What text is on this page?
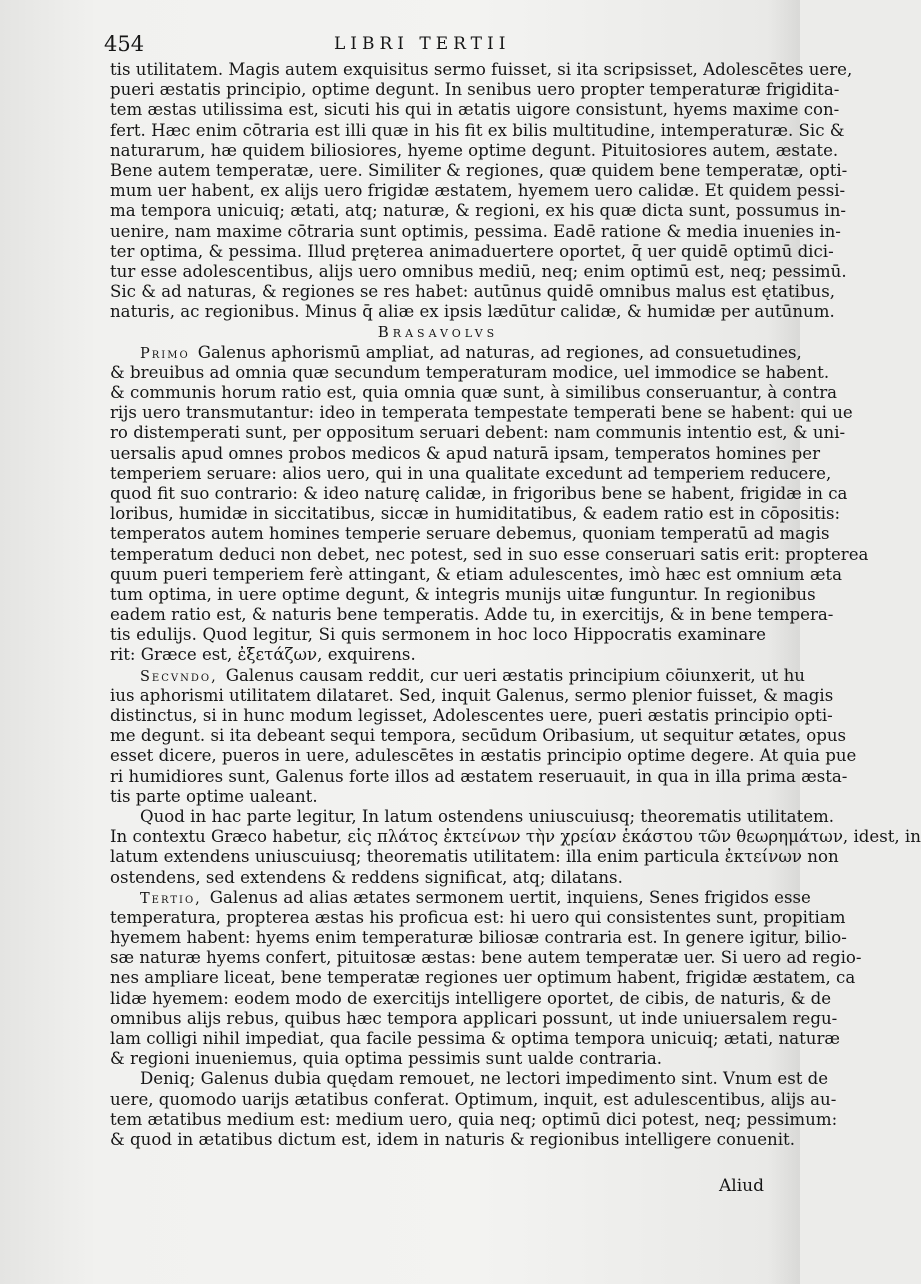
454	LIBRI TERTII
tis utilitatem. Magis autem exquisitus sermo fuisset, si ita scripsisset, Adolescētes uere,
pueri æstatis principio, optime degunt. In senibus uero propter temperaturæ frigidita-
tem æstas utilissima est, sicuti his qui in ætatis uigore consistunt, hyems maxime con-
fert. Hæc enim cōtraria est illi quæ in his fit ex bilis multitudine, intemperaturæ. Sic &
naturarum, hæ quidem biliosiores, hyeme optime degunt. Pituitosiores autem, æstate.
Bene autem temperatæ, uere. Similiter & regiones, quæ quidem bene temperatæ, opti-
mum uer habent, ex alijs uero frigidæ æstatem, hyemem uero calidæ. Et quidem pessi-
ma tempora unicuiq; ætati, atq; naturæ, & regioni, ex his quæ dicta sunt, possumus in-
uenire, nam maxime cōtraria sunt optimis, pessima. Eadē ratione & media inuenies in-
ter optima, & pessima. Illud pręterea animaduertere oportet, q̄ uer quidē optimū dici-
tur esse adolescentibus, alijs uero omnibus mediū, neq; enim optimū est, neq; pessimū.
Sic & ad naturas, & regiones se res habet: autūnus quidē omnibus malus est ętatibus,
naturis, ac regionibus. Minus q̄ aliæ ex ipsis lædūtur calidæ, & humidæ per autūnum.
Brasavolvs
Primo Galenus aphorismū ampliat, ad naturas, ad regiones, ad consuetudines,
& breuibus ad omnia quæ secundum temperaturam modice, uel immodice se habent.
& communis horum ratio est, quia omnia quæ sunt, à similibus conseruantur, à contra
rijs uero transmutantur: ideo in temperata tempestate temperati bene se habent: qui ue
ro distemperati sunt, per oppositum seruari debent: nam communis intentio est, & uni-
uersalis apud omnes probos medicos & apud naturā ipsam, temperatos homines per
temperiem seruare: alios uero, qui in una qualitate excedunt ad temperiem reducere,
quod fit suo contrario: & ideo naturę calidæ, in frigoribus bene se habent, frigidæ in ca
loribus, humidæ in siccitatibus, siccæ in humiditatibus, & eadem ratio est in cōpositis:
temperatos autem homines temperie seruare debemus, quoniam temperatū ad magis
temperatum deduci non debet, nec potest, sed in suo esse conseruari satis erit: propterea
quum pueri temperiem ferè attingant, & etiam adulescentes, imò hæc est omnium æta
tum optima, in uere optime degunt, & integris munijs uitæ funguntur. In regionibus
eadem ratio est, & naturis bene temperatis. Adde tu, in exercitijs, & in bene tempera-
tis edulijs. Quod legitur, Si quis sermonem in hoc loco Hippocratis examinare
rit: Græce est, ἐξετάζων, exquirens.
Secvndo, Galenus causam reddit, cur ueri æstatis principium cōiunxerit, ut hu
ius aphorismi utilitatem dilataret. Sed, inquit Galenus, sermo plenior fuisset, & magis
distinctus, si in hunc modum legisset, Adolescentes uere, pueri æstatis principio opti-
me degunt. si ita debeant sequi tempora, secūdum Oribasium, ut sequitur ætates, opus
esset dicere, pueros in uere, adulescētes in æstatis principio optime degere. At quia pue
ri humidiores sunt, Galenus forte illos ad æstatem reseruauit, in qua in illa prima æsta-
tis parte optime ualeant.
Quod in hac parte legitur, In latum ostendens uniuscuiusq; theorematis utilitatem.
In contextu Græco habetur, εἰς πλάτος ἐκτείνων τὴν χρείαν ἑκάστου τῶν θεωρημάτων, idest, in
latum extendens uniuscuiusq; theorematis utilitatem: illa enim particula ἐκτείνων non
ostendens, sed extendens & reddens significat, atq; dilatans.
Tertio, Galenus ad alias ætates sermonem uertit, inquiens, Senes frigidos esse
temperatura, propterea æstas his proficua est: hi uero qui consistentes sunt, propitiam
hyemem habent: hyems enim temperaturæ biliosæ contraria est. In genere igitur, bilio-
sæ naturæ hyems confert, pituitosæ æstas: bene autem temperatæ uer. Si uero ad regio-
nes ampliare liceat, bene temperatæ regiones uer optimum habent, frigidæ æstatem, ca
lidæ hyemem: eodem modo de exercitijs intelligere oportet, de cibis, de naturis, & de
omnibus alijs rebus, quibus hæc tempora applicari possunt, ut inde uniuersalem regu-
lam colligi nihil impediat, qua facile pessima & optima tempora unicuiq; ætati, naturæ
& regioni inueniemus, quia optima pessimis sunt ualde contraria.
Deniq; Galenus dubia quędam remouet, ne lectori impedimento sint. Vnum est de
uere, quomodo uarijs ætatibus conferat. Optimum, inquit, est adulescentibus, alijs au-
tem ætatibus medium est: medium uero, quia neq; optimū dici potest, neq; pessimum:
& quod in ætatibus dictum est, idem in naturis & regionibus intelligere conuenit.
Aliud
